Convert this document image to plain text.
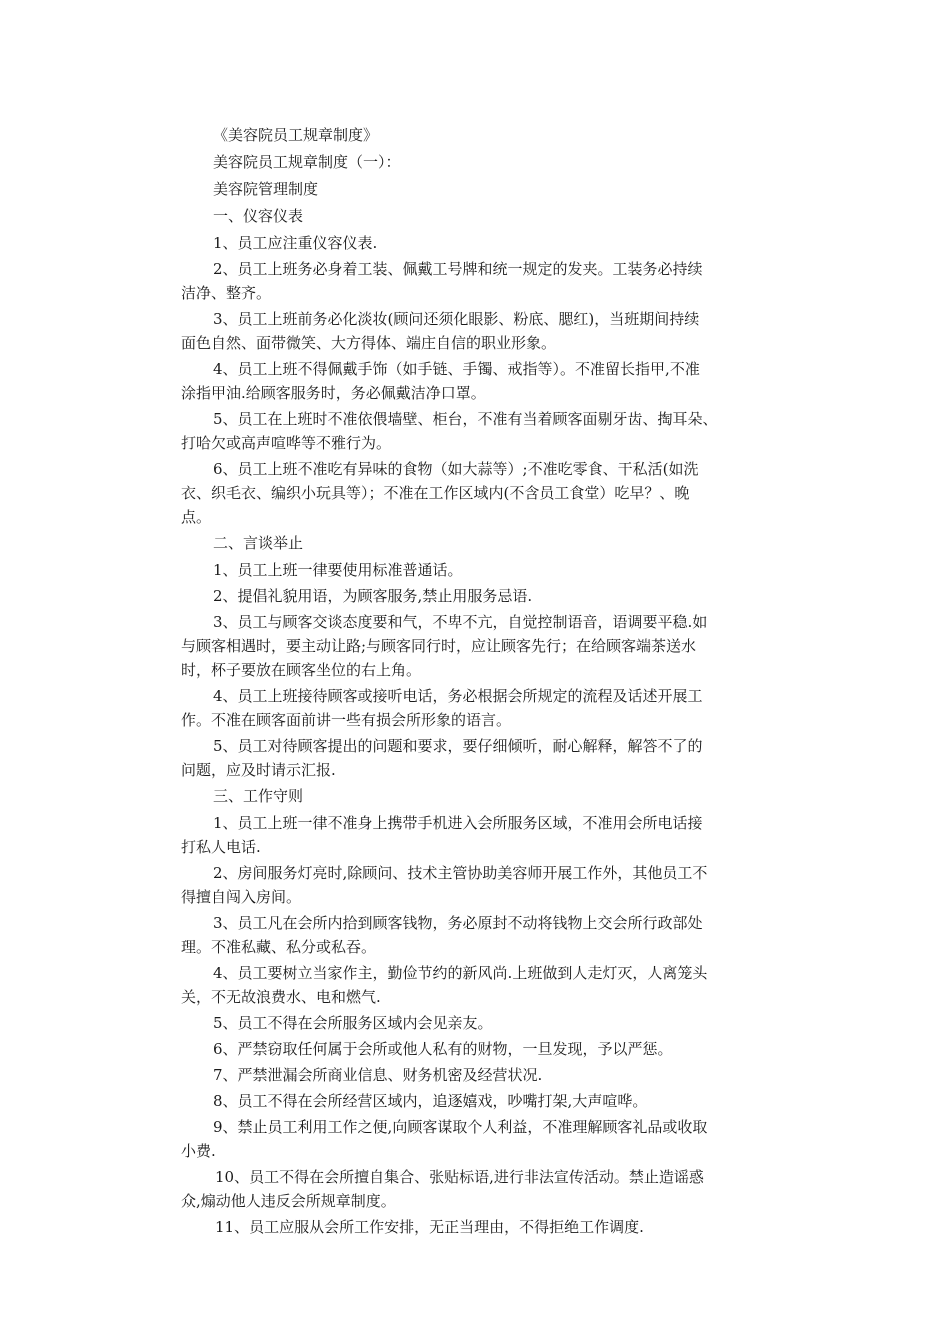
《美容院员工规章制度》
美容院员工规章制度（一）：
美容院管理制度
一、仪容仪表
1、员工应注重仪容仪表.
2、员工上班务必身着工装、佩戴工号牌和统一规定的发夹。工装务必持续
洁净、整齐。
3、员工上班前务必化淡妆(顾问还须化眼影、粉底、腮红)，当班期间持续
面色自然、面带微笑、大方得体、端庄自信的职业形象。
4、员工上班不得佩戴手饰（如手链、手镯、戒指等）。不准留长指甲,不准
涂指甲油.给顾客服务时，务必佩戴洁净口罩。
5、员工在上班时不准依偎墙壁、柜台，不准有当着顾客面剔牙齿、掏耳朵、
打哈欠或高声喧哗等不雅行为。
6、员工上班不准吃有异味的食物（如大蒜等）;不准吃零食、干私活(如洗
衣、织毛衣、编织小玩具等）；不准在工作区域内(不含员工食堂）吃早？、晚
点。
二、言谈举止
1、员工上班一律要使用标准普通话。
2、提倡礼貌用语，为顾客服务,禁止用服务忌语.
3、员工与顾客交谈态度要和气，不卑不亢，自觉控制语音，语调要平稳.如
与顾客相遇时，要主动让路;与顾客同行时，应让顾客先行；在给顾客端茶送水
时，杯子要放在顾客坐位的右上角。
4、员工上班接待顾客或接听电话，务必根据会所规定的流程及话述开展工
作。不准在顾客面前讲一些有损会所形象的语言。
5、员工对待顾客提出的问题和要求，要仔细倾听，耐心解释，解答不了的
问题，应及时请示汇报.
三、工作守则
1、员工上班一律不准身上携带手机进入会所服务区域，不准用会所电话接
打私人电话.
2、房间服务灯亮时,除顾问、技术主管协助美容师开展工作外，其他员工不
得擅自闯入房间。
3、员工凡在会所内拾到顾客钱物，务必原封不动将钱物上交会所行政部处
理。不准私藏、私分或私吞。
4、员工要树立当家作主，勤俭节约的新风尚.上班做到人走灯灭，人离笼头
关，不无故浪费水、电和燃气.
5、员工不得在会所服务区域内会见亲友。
6、严禁窃取任何属于会所或他人私有的财物，一旦发现，予以严惩。
7、严禁泄漏会所商业信息、财务机密及经营状况.
8、员工不得在会所经营区域内，追逐嬉戏，吵嘴打架,大声喧哗。
9、禁止员工利用工作之便,向顾客谋取个人利益，不准理解顾客礼品或收取
小费.
10、员工不得在会所擅自集合、张贴标语,进行非法宣传活动。禁止造谣惑
众,煽动他人违反会所规章制度。
11、员工应服从会所工作安排，无正当理由，不得拒绝工作调度.
